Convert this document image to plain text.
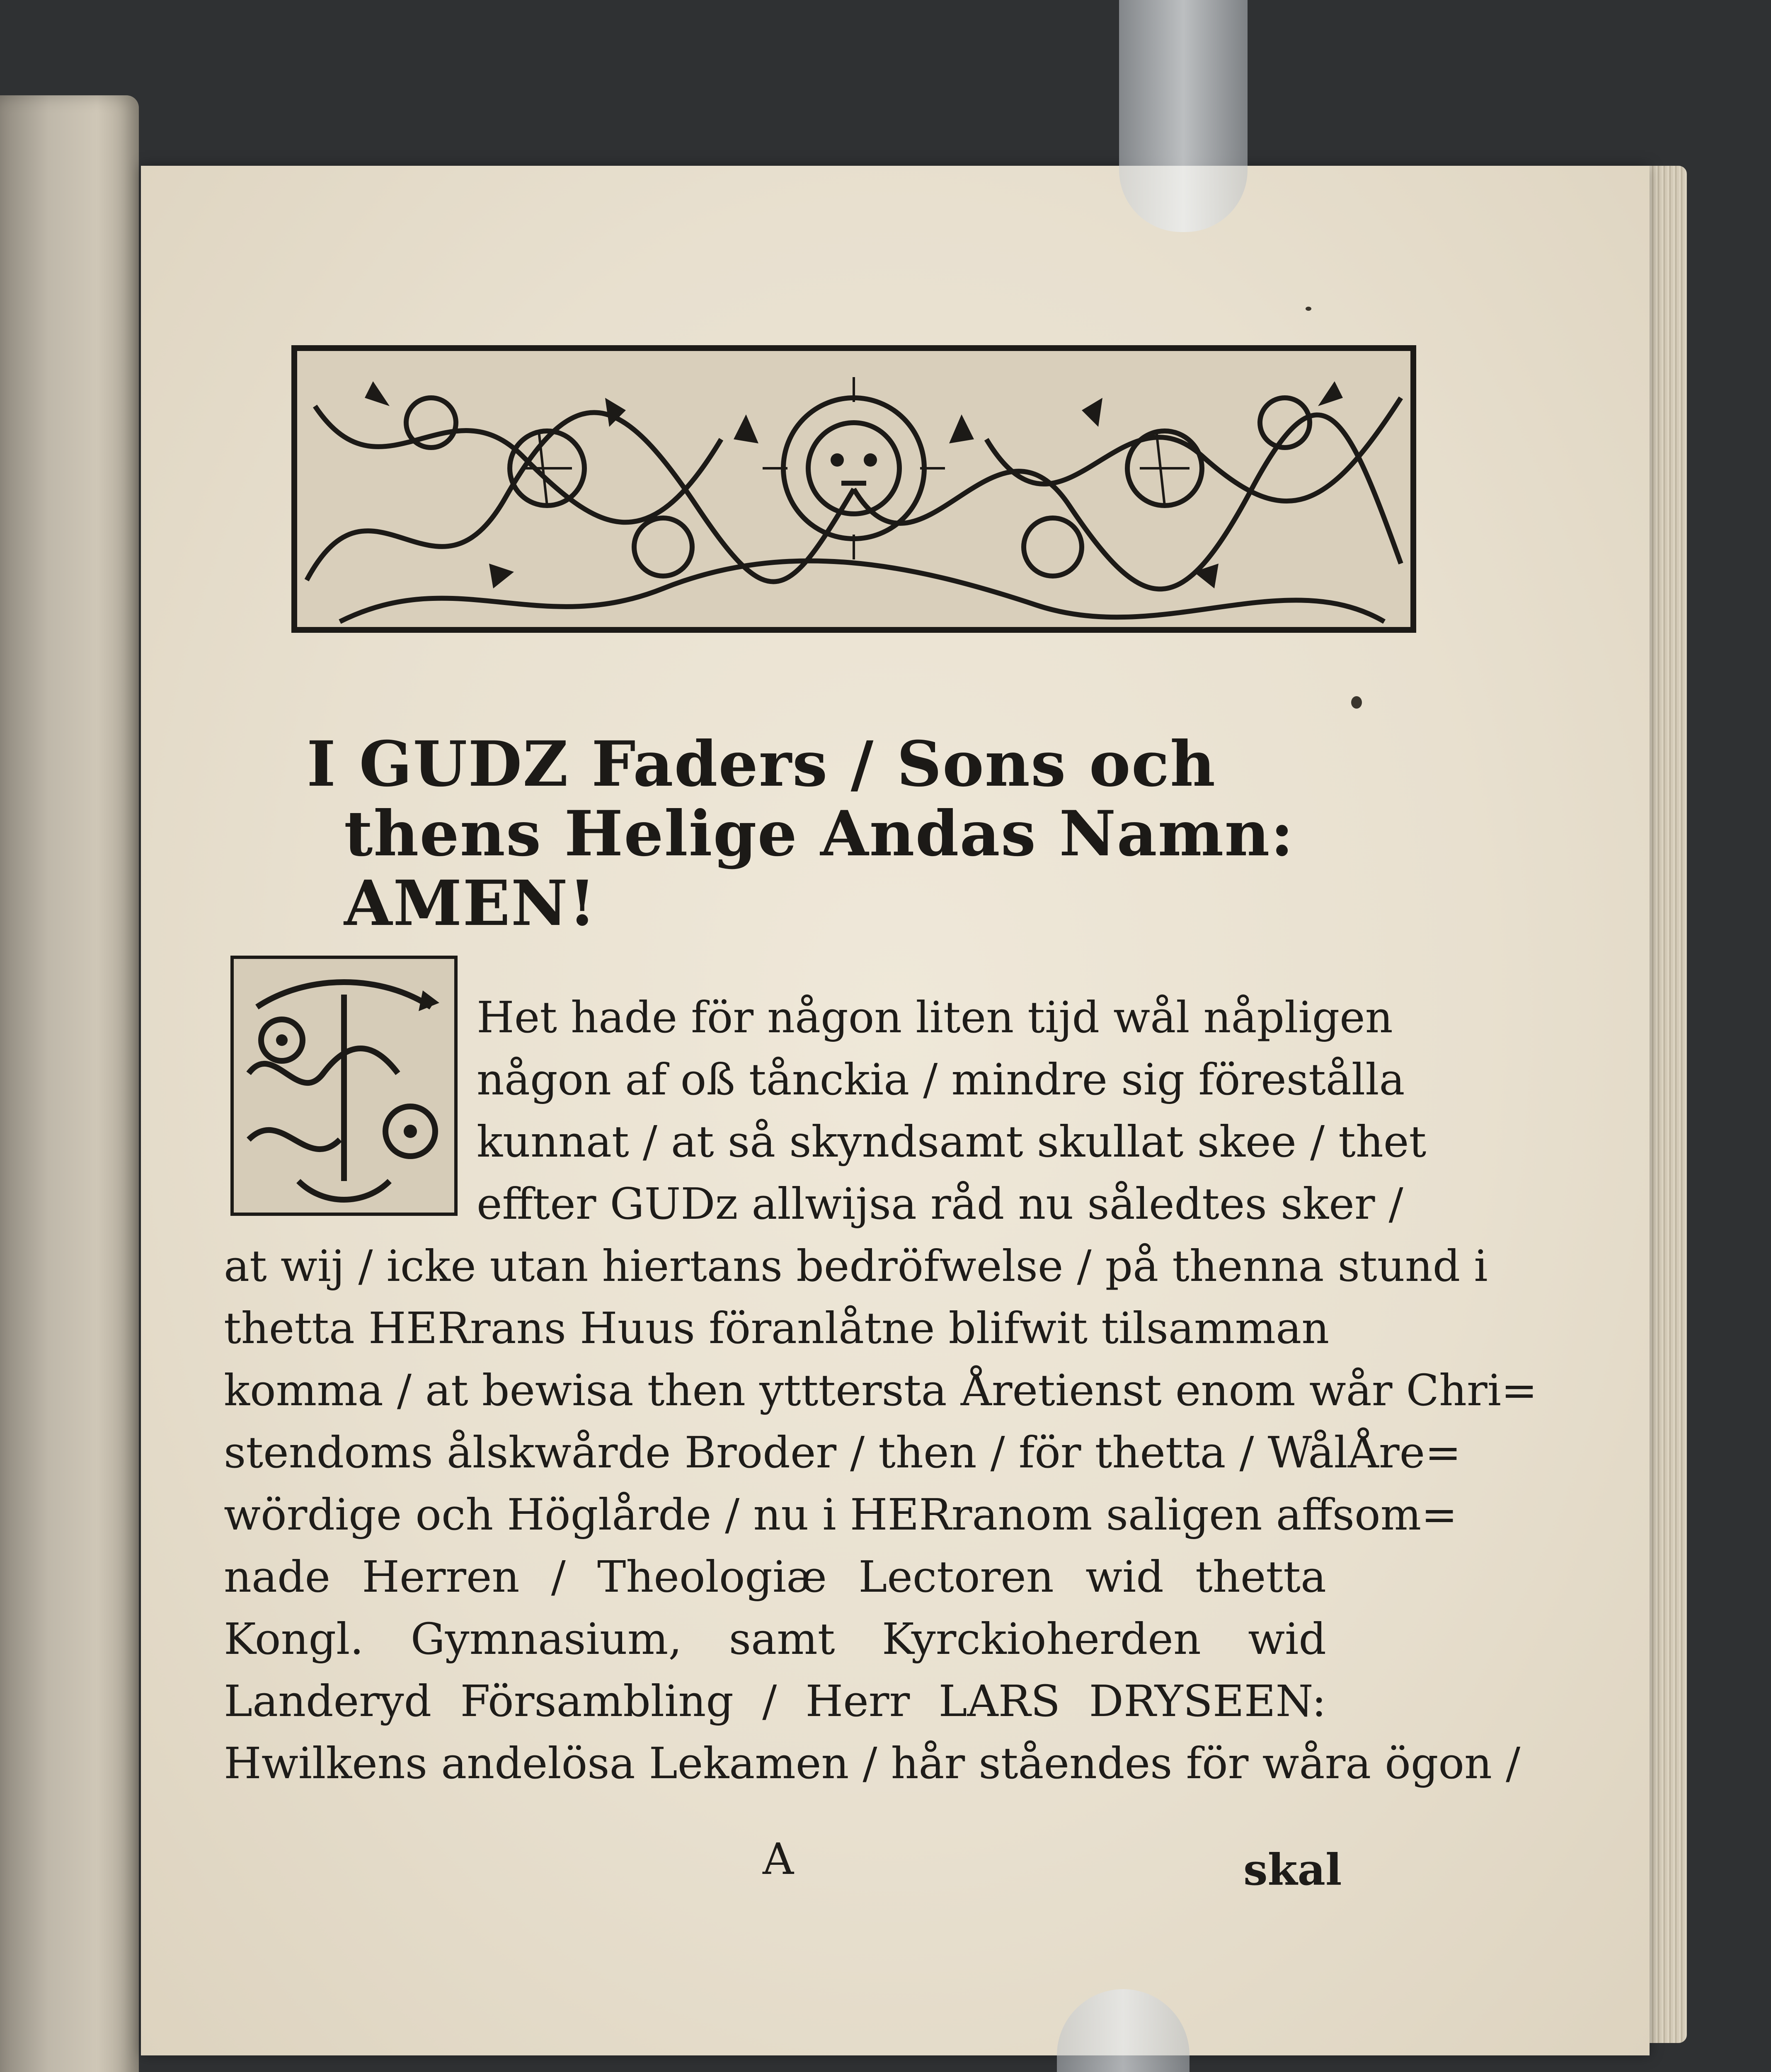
I GUDZ Faders / Sons och
thens Helige Andas Namn:
AMEN!
Het hade för någon liten tijd wål nåpligen
någon af oß tånckia / mindre sig förestålla
kunnat / at så skyndsamt skullat skee / thet
effter GUDz allwijsa råd nu såledtes sker /
at wij / icke utan hiertans bedröfwelse / på thenna stund i
thetta HERrans Huus föranlåtne blifwit tilsamman
komma / at bewisa then ytttersta Åretienst enom wår Chri=
stendoms ålskwårde Broder / then / för thetta / WålÅre=
wördige och Höglårde / nu i HERranom saligen affsom=
nade Herren / Theologiæ Lectoren wid thetta
Kongl. Gymnasium, samt Kyrckioherden wid
Landeryd Försambling / Herr LARS DRYSEEN:
Hwilkens andelösa Lekamen / hår ståendes för wåra ögon /
A	skal
